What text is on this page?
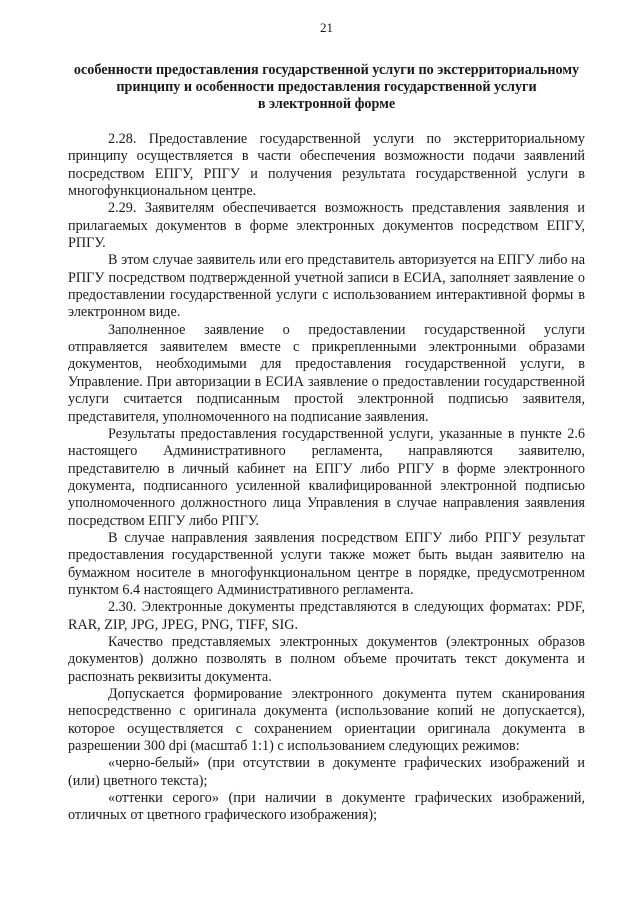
21
особенности предоставления государственной услуги по экстерриториальному
принципу и особенности предоставления государственной услуги
в электронной форме

2.28. Предоставление государственной услуги по экстерриториальному принципу осуществляется в части обеспечения возможности подачи заявлений посредством ЕПГУ, РПГУ и получения результата государственной услуги в многофункциональном центре.

2.29. Заявителям обеспечивается возможность представления заявления и прилагаемых документов в форме электронных документов посредством ЕПГУ, РПГУ.

В этом случае заявитель или его представитель авторизуется на ЕПГУ либо на РПГУ посредством подтвержденной учетной записи в ЕСИА, заполняет заявление о предоставлении государственной услуги с использованием интерактивной формы в электронном виде.

Заполненное заявление о предоставлении государственной услуги отправляется заявителем вместе с прикрепленными электронными образами документов, необходимыми для предоставления государственной услуги, в Управление. При авторизации в ЕСИА заявление о предоставлении государственной услуги считается подписанным простой электронной подписью заявителя, представителя, уполномоченного на подписание заявления.

Результаты предоставления государственной услуги, указанные в пункте 2.6 настоящего Административного регламента, направляются заявителю, представителю в личный кабинет на ЕПГУ либо РПГУ в форме электронного документа, подписанного усиленной квалифицированной электронной подписью уполномоченного должностного лица Управления в случае направления заявления посредством ЕПГУ либо РПГУ.

В случае направления заявления посредством ЕПГУ либо РПГУ результат предоставления государственной услуги также может быть выдан заявителю на бумажном носителе в многофункциональном центре в порядке, предусмотренном пунктом 6.4 настоящего Административного регламента.

2.30. Электронные документы представляются в следующих форматах: PDF, RAR, ZIP, JPG, JPEG, PNG, TIFF, SIG.

Качество представляемых электронных документов (электронных образов документов) должно позволять в полном объеме прочитать текст документа и распознать реквизиты документа.

Допускается формирование электронного документа путем сканирования непосредственно с оригинала документа (использование копий не допускается), которое осуществляется с сохранением ориентации оригинала документа в разрешении 300 dpi (масштаб 1:1) с использованием следующих режимов:

«черно-белый» (при отсутствии в документе графических изображений и (или) цветного текста);

«оттенки серого» (при наличии в документе графических изображений, отличных от цветного графического изображения);
